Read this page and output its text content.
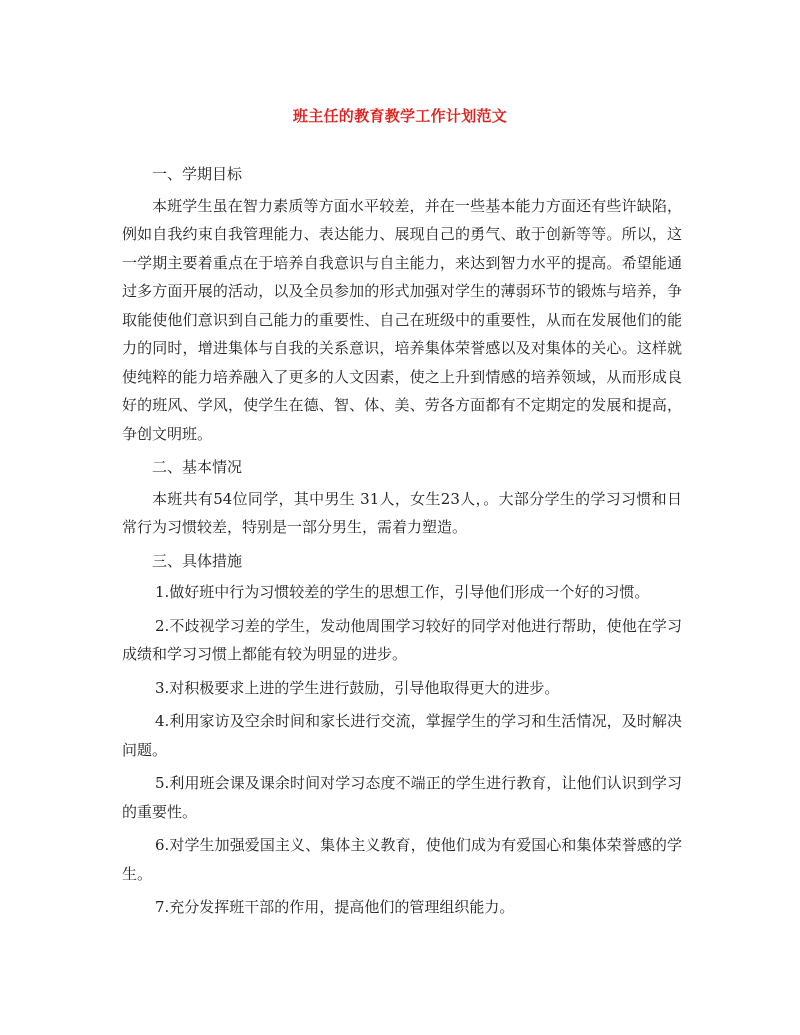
班主任的教育教学工作计划范文

一、学期目标

本班学生虽在智力素质等方面水平较差，并在一些基本能力方面还有些许缺陷，例如自我约束自我管理能力、表达能力、展现自己的勇气、敢于创新等等。所以，这一学期主要着重点在于培养自我意识与自主能力，来达到智力水平的提高。希望能通过多方面开展的活动，以及全员参加的形式加强对学生的薄弱环节的锻炼与培养，争取能使他们意识到自己能力的重要性、自己在班级中的重要性，从而在发展他们的能力的同时，增进集体与自我的关系意识，培养集体荣誉感以及对集体的关心。这样就使纯粹的能力培养融入了更多的人文因素，使之上升到情感的培养领域，从而形成良好的班风、学风，使学生在德、智、体、美、劳各方面都有不定期定的发展和提高，争创文明班。

二、基本情况

本班共有54位同学，其中男生 31人，女生23人，。大部分学生的学习习惯和日常行为习惯较差，特别是一部分男生，需着力塑造。

三、具体措施

1.做好班中行为习惯较差的学生的思想工作，引导他们形成一个好的习惯。

2.不歧视学习差的学生，发动他周围学习较好的同学对他进行帮助，使他在学习成绩和学习习惯上都能有较为明显的进步。

3.对积极要求上进的学生进行鼓励，引导他取得更大的进步。

4.利用家访及空余时间和家长进行交流，掌握学生的学习和生活情况，及时解决问题。

5.利用班会课及课余时间对学习态度不端正的学生进行教育，让他们认识到学习的重要性。

6.对学生加强爱国主义、集体主义教育，使他们成为有爱国心和集体荣誉感的学生。

7.充分发挥班干部的作用，提高他们的管理组织能力。
